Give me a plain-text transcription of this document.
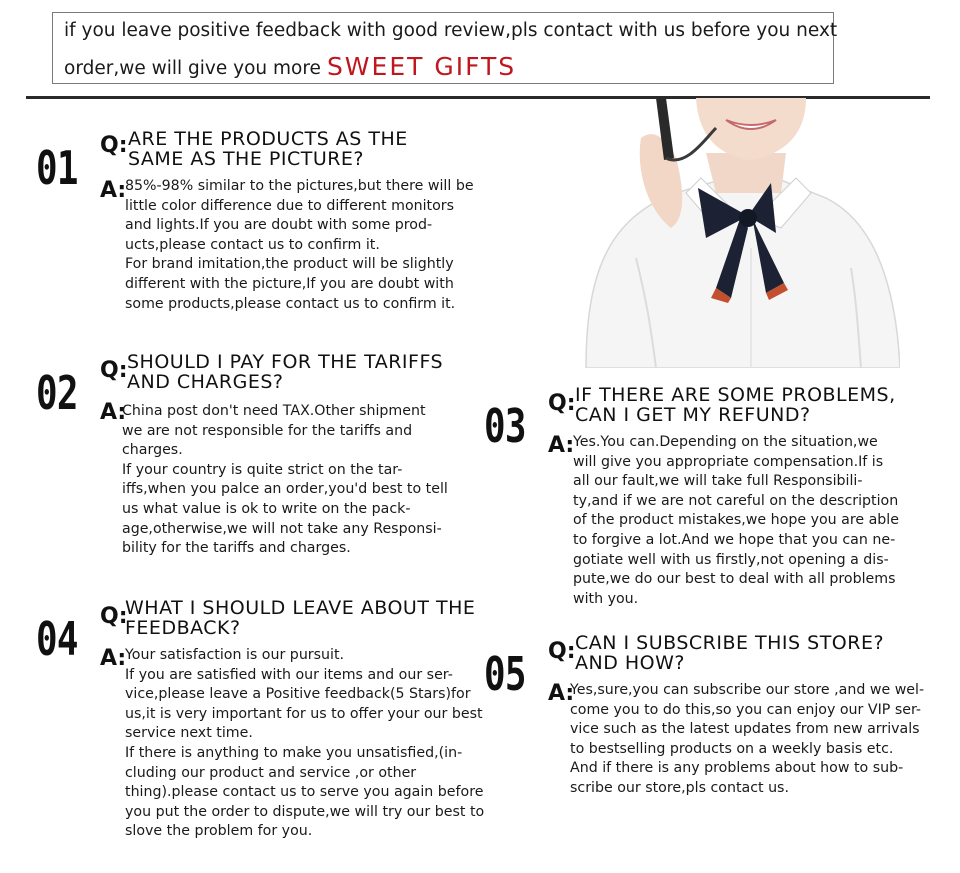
if you leave positive feedback with good review,pls contact with us before you next
order,we will give you more SWEET GIFTS
01 Q:
A:
ARE THE PRODUCTS AS THE
SAME AS THE PICTURE?
85%-98% similar to the pictures,but there will be
little color difference due to different monitors
and lights.If you are doubt with some prod-
ucts,please contact us to confirm it.
For brand imitation,the product will be slightly
different with the picture,If you are doubt with
some products,please contact us to confirm it.
02 Q:
A:
SHOULD I PAY FOR THE TARIFFS
AND CHARGES?
China post don't need TAX.Other shipment
we are not responsible for the tariffs and
charges.
If your country is quite strict on the tar-
iffs,when you palce an order,you'd best to tell
us what value is ok to write on the pack-
age,otherwise,we will not take any Responsi-
bility for the tariffs and charges.
03 Q:
A:
IF THERE ARE SOME PROBLEMS,
CAN I GET MY REFUND?
Yes.You can.Depending on the situation,we
will give you appropriate compensation.If is
all our fault,we will take full Responsibili-
ty,and if we are not careful on the description
of the product mistakes,we hope you are able
to forgive a lot.And we hope that you can ne-
gotiate well with us firstly,not opening a dis-
pute,we do our best to deal with all problems
with you.
04 Q:
A:
WHAT I SHOULD LEAVE ABOUT THE
FEEDBACK?
Your satisfaction is our pursuit.
If you are satisfied with our items and our ser-
vice,please leave a Positive feedback(5 Stars)for
us,it is very important for us to offer your our best
service next time.
If there is anything to make you unsatisfied,(in-
cluding our product and service ,or other
thing).please contact us to serve you again before
you put the order to dispute,we will try our best to
slove the problem for you.
05 Q:
A:
CAN I SUBSCRIBE THIS STORE?
AND HOW?
Yes,sure,you can subscribe our store ,and we wel-
come you to do this,so you can enjoy our VIP ser-
vice such as the latest updates from new arrivals
to bestselling products on a weekly basis etc.
And if there is any problems about how to sub-
scribe our store,pls contact us.
